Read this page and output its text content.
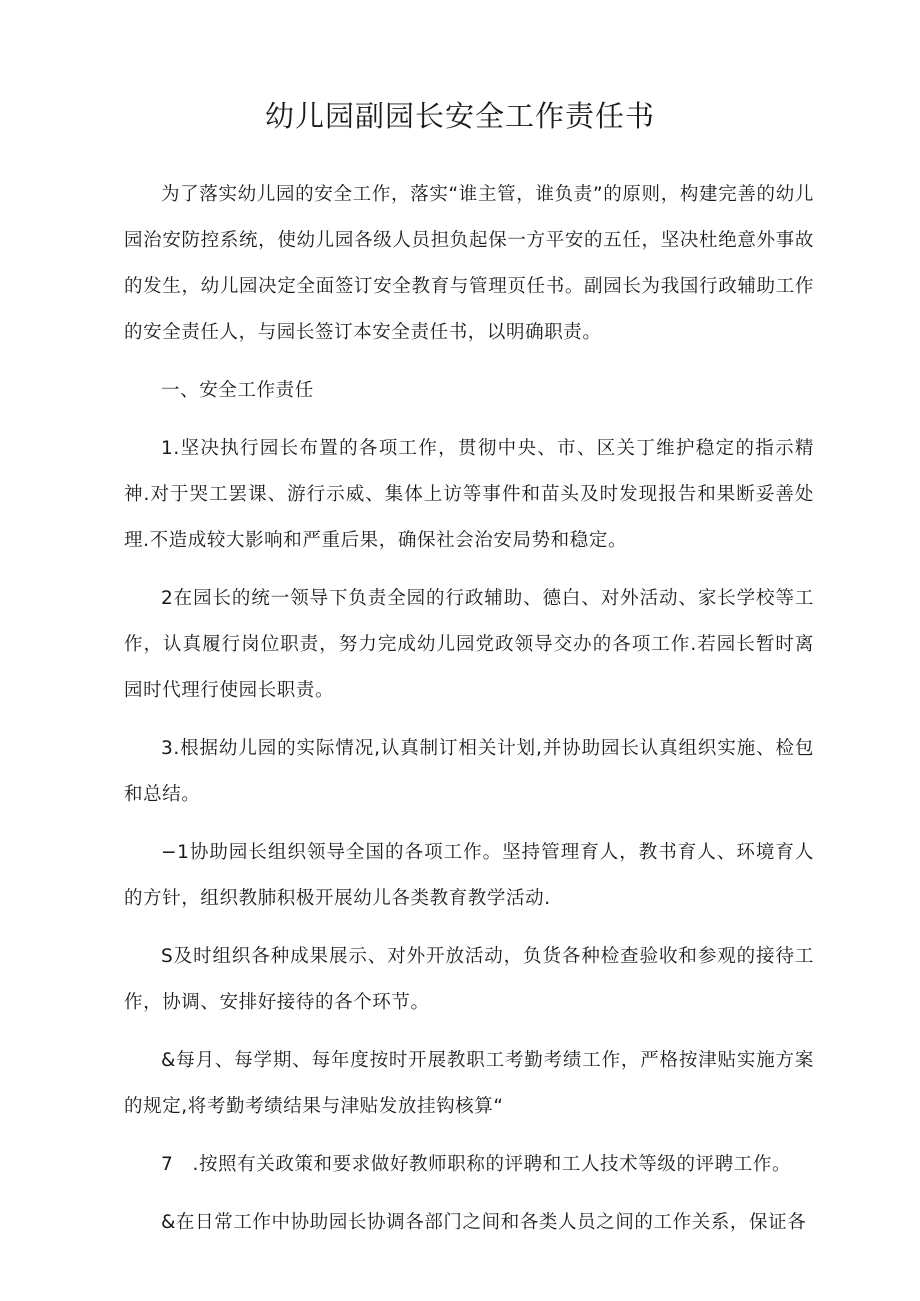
幼儿园副园长安全工作责任书

为了落实幼儿园的安全工作，落实“谁主管，谁负责”的原则，构建完善的幼儿园治安防控系统，使幼儿园各级人员担负起保一方平安的五任，坚决杜绝意外事故的发生，幼儿园决定全面签订安全教育与管理页任书。副园长为我国行政辅助工作的安全责任人，与园长签订本安全责任书，以明确职责。

一、安全工作责任

1.坚决执行园长布置的各项工作，贯彻中央、市、区关丁维护稳定的指示精神.对于哭工罢课、游行示威、集体上访等事件和苗头及时发现报告和果断妥善处理.不造成较大影响和严重后果，确保社会治安局势和稳定。

2在园长的统一领导下负责全园的行政辅助、德白、对外活动、家长学校等工作，认真履行岗位职责，努力完成幼儿园党政领导交办的各项工作.若园长暂时离园时代理行使园长职责。

3.根据幼儿园的实际情况,认真制订相关计划,并协助园长认真组织实施、检包和总结。

−1协助园长组织领导全国的各项工作。坚持管理育人，教书育人、环境育人的方针，组织教肺积极开展幼儿各类教育教学活动.

S及时组织各种成果展示、对外开放活动，负货各种检查验收和参观的接待工作，协调、安排好接待的各个环节。

&每月、每学期、每年度按时开展教职工考勤考绩工作，严格按津贴实施方案的规定,将考勤考绩结果与津贴发放挂钩核算“

7　.按照有关政策和要求做好教师职称的评聘和工人技术等级的评聘工作。

&在日常工作中协助园长协调各部门之间和各类人员之间的工作关系，保证各
